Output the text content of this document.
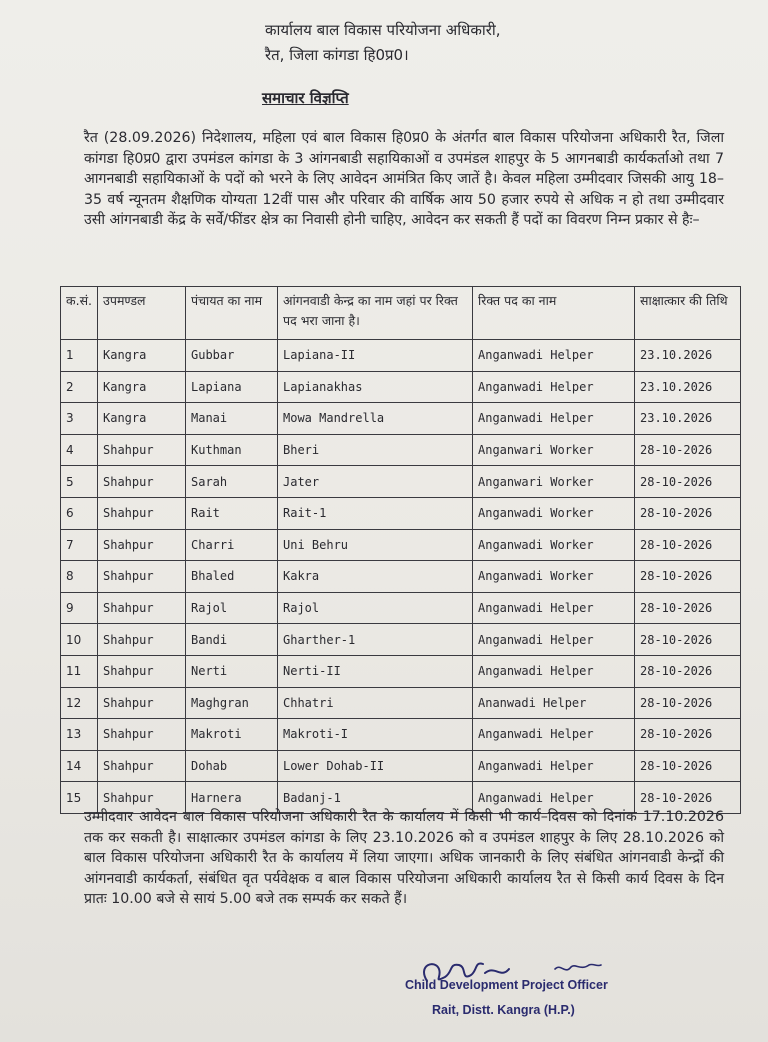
कार्यालय बाल विकास परियोजना अधिकारी,
रैत, जिला कांगडा हि0प्र0।
समाचार विज्ञप्ति
रैत (28.09.2026) निदेशालय, महिला एवं बाल विकास हि0प्र0 के अंतर्गत बाल विकास परियोजना अधिकारी रैत, जिला कांगडा हि0प्र0 द्वारा उपमंडल कांगडा के 3 आंगनबाडी सहायिकाओं व उपमंडल शाहपुर के 5 आगनबाडी कार्यकर्ताओ तथा 7 आगनबाडी सहायिकाओं के पदों को भरने के लिए आवेदन आमंत्रित किए जातें है। केवल महिला उम्मीदवार जिसकी आयु 18–35 वर्ष न्यूनतम शैक्षणिक योग्यता 12वीं पास और परिवार की वार्षिक आय 50 हजार रुपये से अधिक न हो तथा उम्मीदवार उसी आंगनबाडी केंद्र के सर्वे/फींडर क्षेत्र का निवासी होनी चाहिए, आवेदन कर सकती हैं पदों का विवरण निम्न प्रकार से हैः–
क.सं.	उपमण्डल	पंचायत का नाम	आंगनवाडी केन्द्र का नाम जहां पर रिक्त पद भरा जाना है।	रिक्त पद का नाम	साक्षात्कार की तिथि
1	Kangra	Gubbar	Lapiana-II	Anganwadi Helper	23.10.2026
2	Kangra	Lapiana	Lapianakhas	Anganwadi Helper	23.10.2026
3	Kangra	Manai	Mowa Mandrella	Anganwadi Helper	23.10.2026
4	Shahpur	Kuthman	Bheri	Anganwari Worker	28-10-2026
5	Shahpur	Sarah	Jater	Anganwari Worker	28-10-2026
6	Shahpur	Rait	Rait-1	Anganwadi Worker	28-10-2026
7	Shahpur	Charri	Uni Behru	Anganwadi Worker	28-10-2026
8	Shahpur	Bhaled	Kakra	Anganwadi Worker	28-10-2026
9	Shahpur	Rajol	Rajol	Anganwadi Helper	28-10-2026
10	Shahpur	Bandi	Gharther-1	Anganwadi Helper	28-10-2026
11	Shahpur	Nerti	Nerti-II	Anganwadi Helper	28-10-2026
12	Shahpur	Maghgran	Chhatri	Ananwadi Helper	28-10-2026
13	Shahpur	Makroti	Makroti-I	Anganwadi Helper	28-10-2026
14	Shahpur	Dohab	Lower Dohab-II	Anganwadi Helper	28-10-2026
15	Shahpur	Harnera	Badanj-1	Anganwadi Helper	28-10-2026
उम्मीदवार आवेदन बाल विकास परियोजना अधिकारी रैत के कार्यालय में किसी भी कार्य–दिवस को दिनांक 17.10.2026 तक कर सकती है। साक्षात्कार उपमंडल कांगडा के लिए 23.10.2026 को व उपमंडल शाहपुर के लिए 28.10.2026 को बाल विकास परियोजना अधिकारी रैत के कार्यालय में लिया जाएगा। अधिक जानकारी के लिए संबंधित आंगनवाडी केन्द्रों की आंगनवाडी कार्यकर्ता, संबंधित वृत पर्यवेक्षक व बाल विकास परियोजना अधिकारी कार्यालय रैत से किसी कार्य दिवस के दिन प्रातः 10.00 बजे से सायं 5.00 बजे तक सम्पर्क कर सकते हैं।
Child Development Project Officer
Rait, Distt. Kangra (H.P.)
